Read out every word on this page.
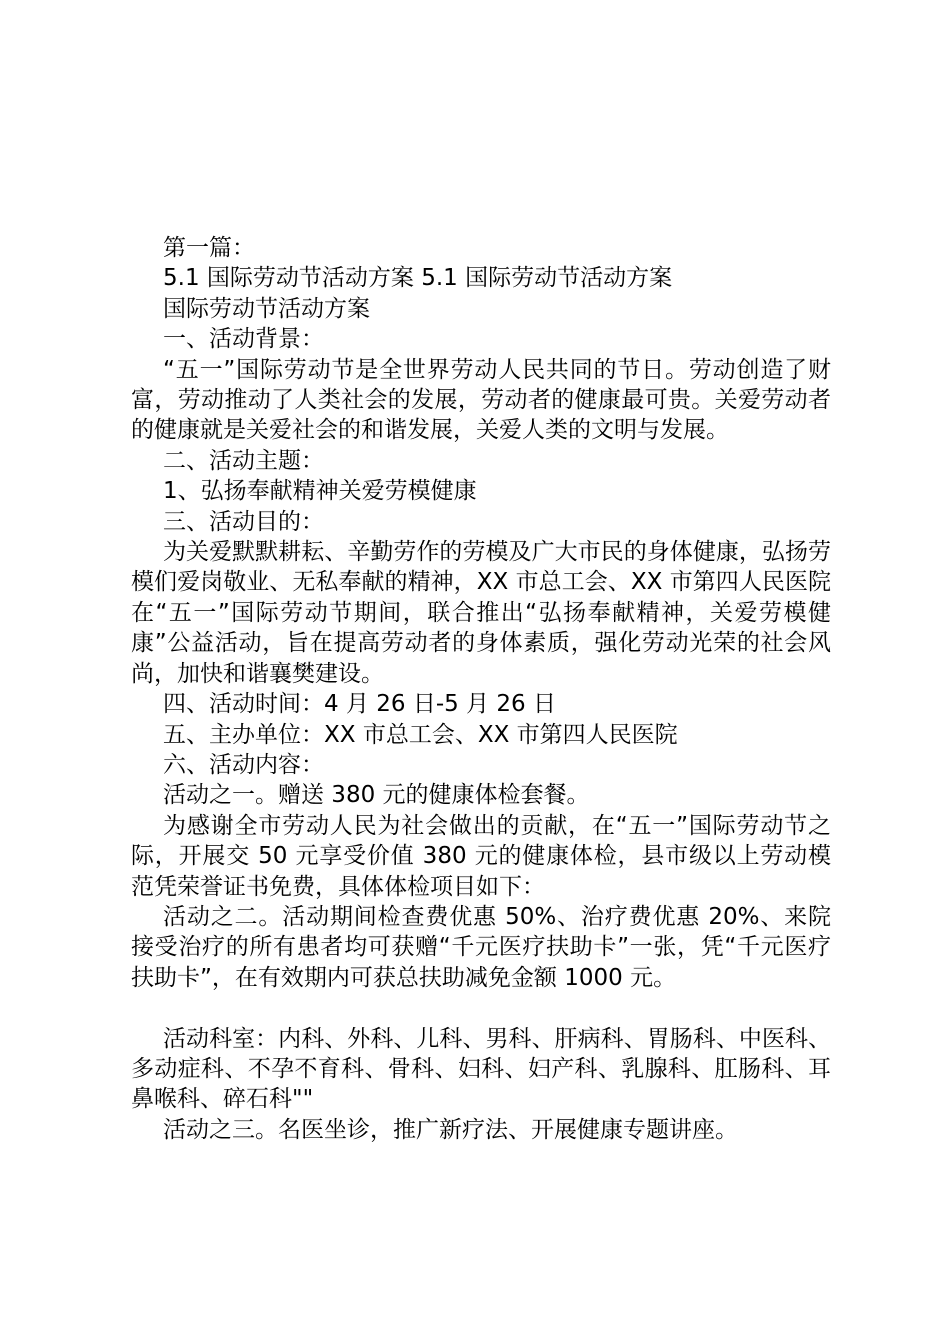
第一篇：

5.1 国际劳动节活动方案 5.1 国际劳动节活动方案

国际劳动节活动方案

一、活动背景：

“五一”国际劳动节是全世界劳动人民共同的节日。劳动创造了财富，劳动推动了人类社会的发展，劳动者的健康最可贵。关爱劳动者的健康就是关爱社会的和谐发展，关爱人类的文明与发展。

二、活动主题：

1、弘扬奉献精神关爱劳模健康

三、活动目的：

为关爱默默耕耘、辛勤劳作的劳模及广大市民的身体健康，弘扬劳模们爱岗敬业、无私奉献的精神，XX 市总工会、XX 市第四人民医院在“五一”国际劳动节期间，联合推出“弘扬奉献精神，关爱劳模健康”公益活动，旨在提高劳动者的身体素质，强化劳动光荣的社会风尚，加快和谐襄樊建设。

四、活动时间：4 月 26 日-5 月 26 日

五、主办单位：XX 市总工会、XX 市第四人民医院

六、活动内容：

活动之一。赠送 380 元的健康体检套餐。

为感谢全市劳动人民为社会做出的贡献，在“五一”国际劳动节之际，开展交 50 元享受价值 380 元的健康体检，县市级以上劳动模范凭荣誉证书免费，具体体检项目如下：

活动之二。活动期间检查费优惠 50%、治疗费优惠 20%、来院接受治疗的所有患者均可获赠“千元医疗扶助卡”一张，凭“千元医疗扶助卡”，在有效期内可获总扶助减免金额 1000 元。

活动科室：内科、外科、儿科、男科、肝病科、胃肠科、中医科、多动症科、不孕不育科、骨科、妇科、妇产科、乳腺科、肛肠科、耳鼻喉科、碎石科""

活动之三。名医坐诊，推广新疗法、开展健康专题讲座。
